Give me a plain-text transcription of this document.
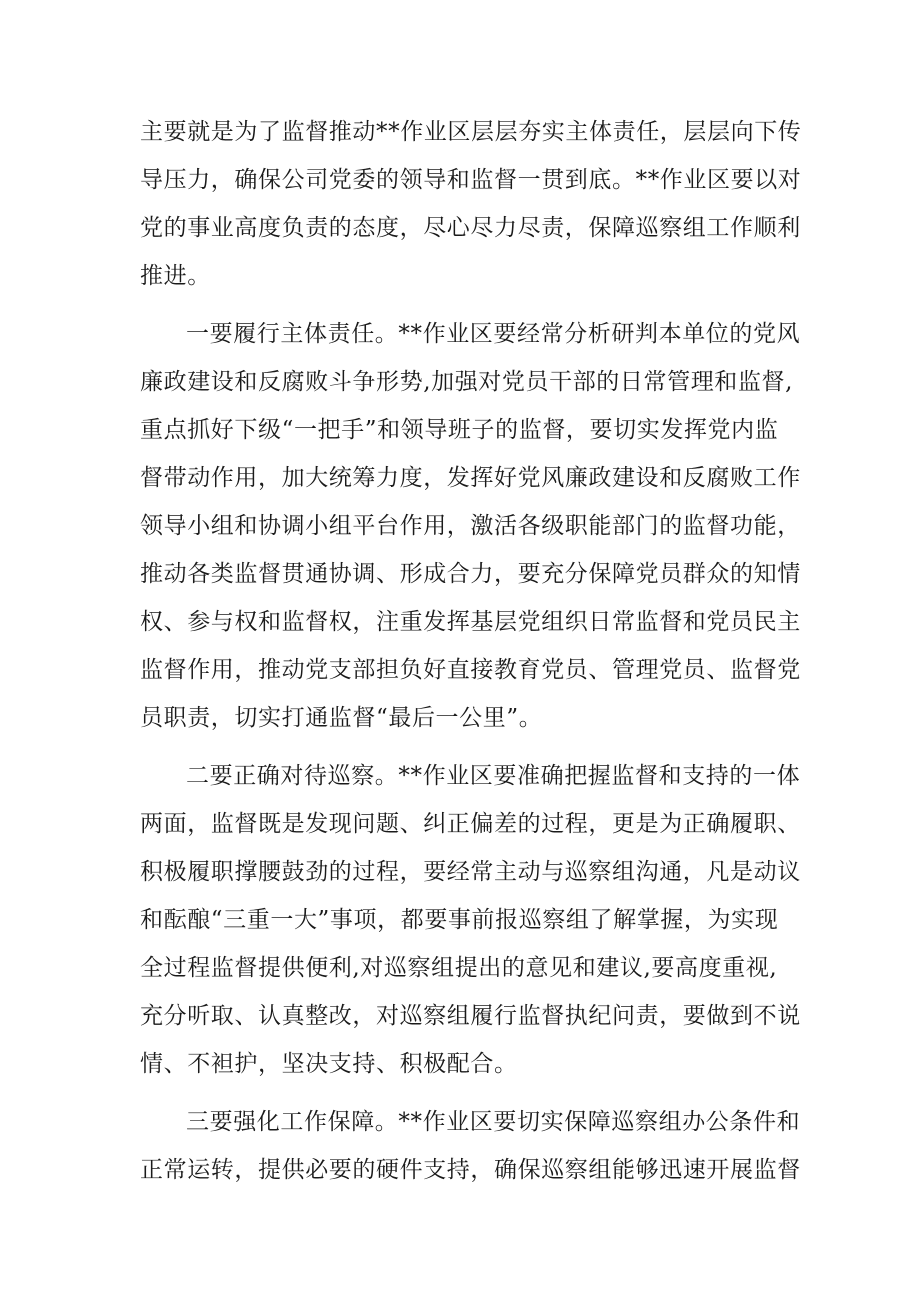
主要就是为了监督推动**作业区层层夯实主体责任，层层向下传
导压力，确保公司党委的领导和监督一贯到底。**作业区要以对
党的事业高度负责的态度，尽心尽力尽责，保障巡察组工作顺利
推进。
一要履行主体责任。**作业区要经常分析研判本单位的党风
廉政建设和反腐败斗争形势,加强对党员干部的日常管理和监督,
重点抓好下级“一把手”和领导班子的监督，要切实发挥党内监
督带动作用，加大统筹力度，发挥好党风廉政建设和反腐败工作
领导小组和协调小组平台作用，激活各级职能部门的监督功能，
推动各类监督贯通协调、形成合力，要充分保障党员群众的知情
权、参与权和监督权，注重发挥基层党组织日常监督和党员民主
监督作用，推动党支部担负好直接教育党员、管理党员、监督党
员职责，切实打通监督“最后一公里”。
二要正确对待巡察。**作业区要准确把握监督和支持的一体
两面，监督既是发现问题、纠正偏差的过程，更是为正确履职、
积极履职撑腰鼓劲的过程，要经常主动与巡察组沟通，凡是动议
和酝酿“三重一大”事项，都要事前报巡察组了解掌握，为实现
全过程监督提供便利,对巡察组提出的意见和建议,要高度重视,
充分听取、认真整改，对巡察组履行监督执纪问责，要做到不说
情、不袒护，坚决支持、积极配合。
三要强化工作保障。**作业区要切实保障巡察组办公条件和
正常运转，提供必要的硬件支持，确保巡察组能够迅速开展监督
